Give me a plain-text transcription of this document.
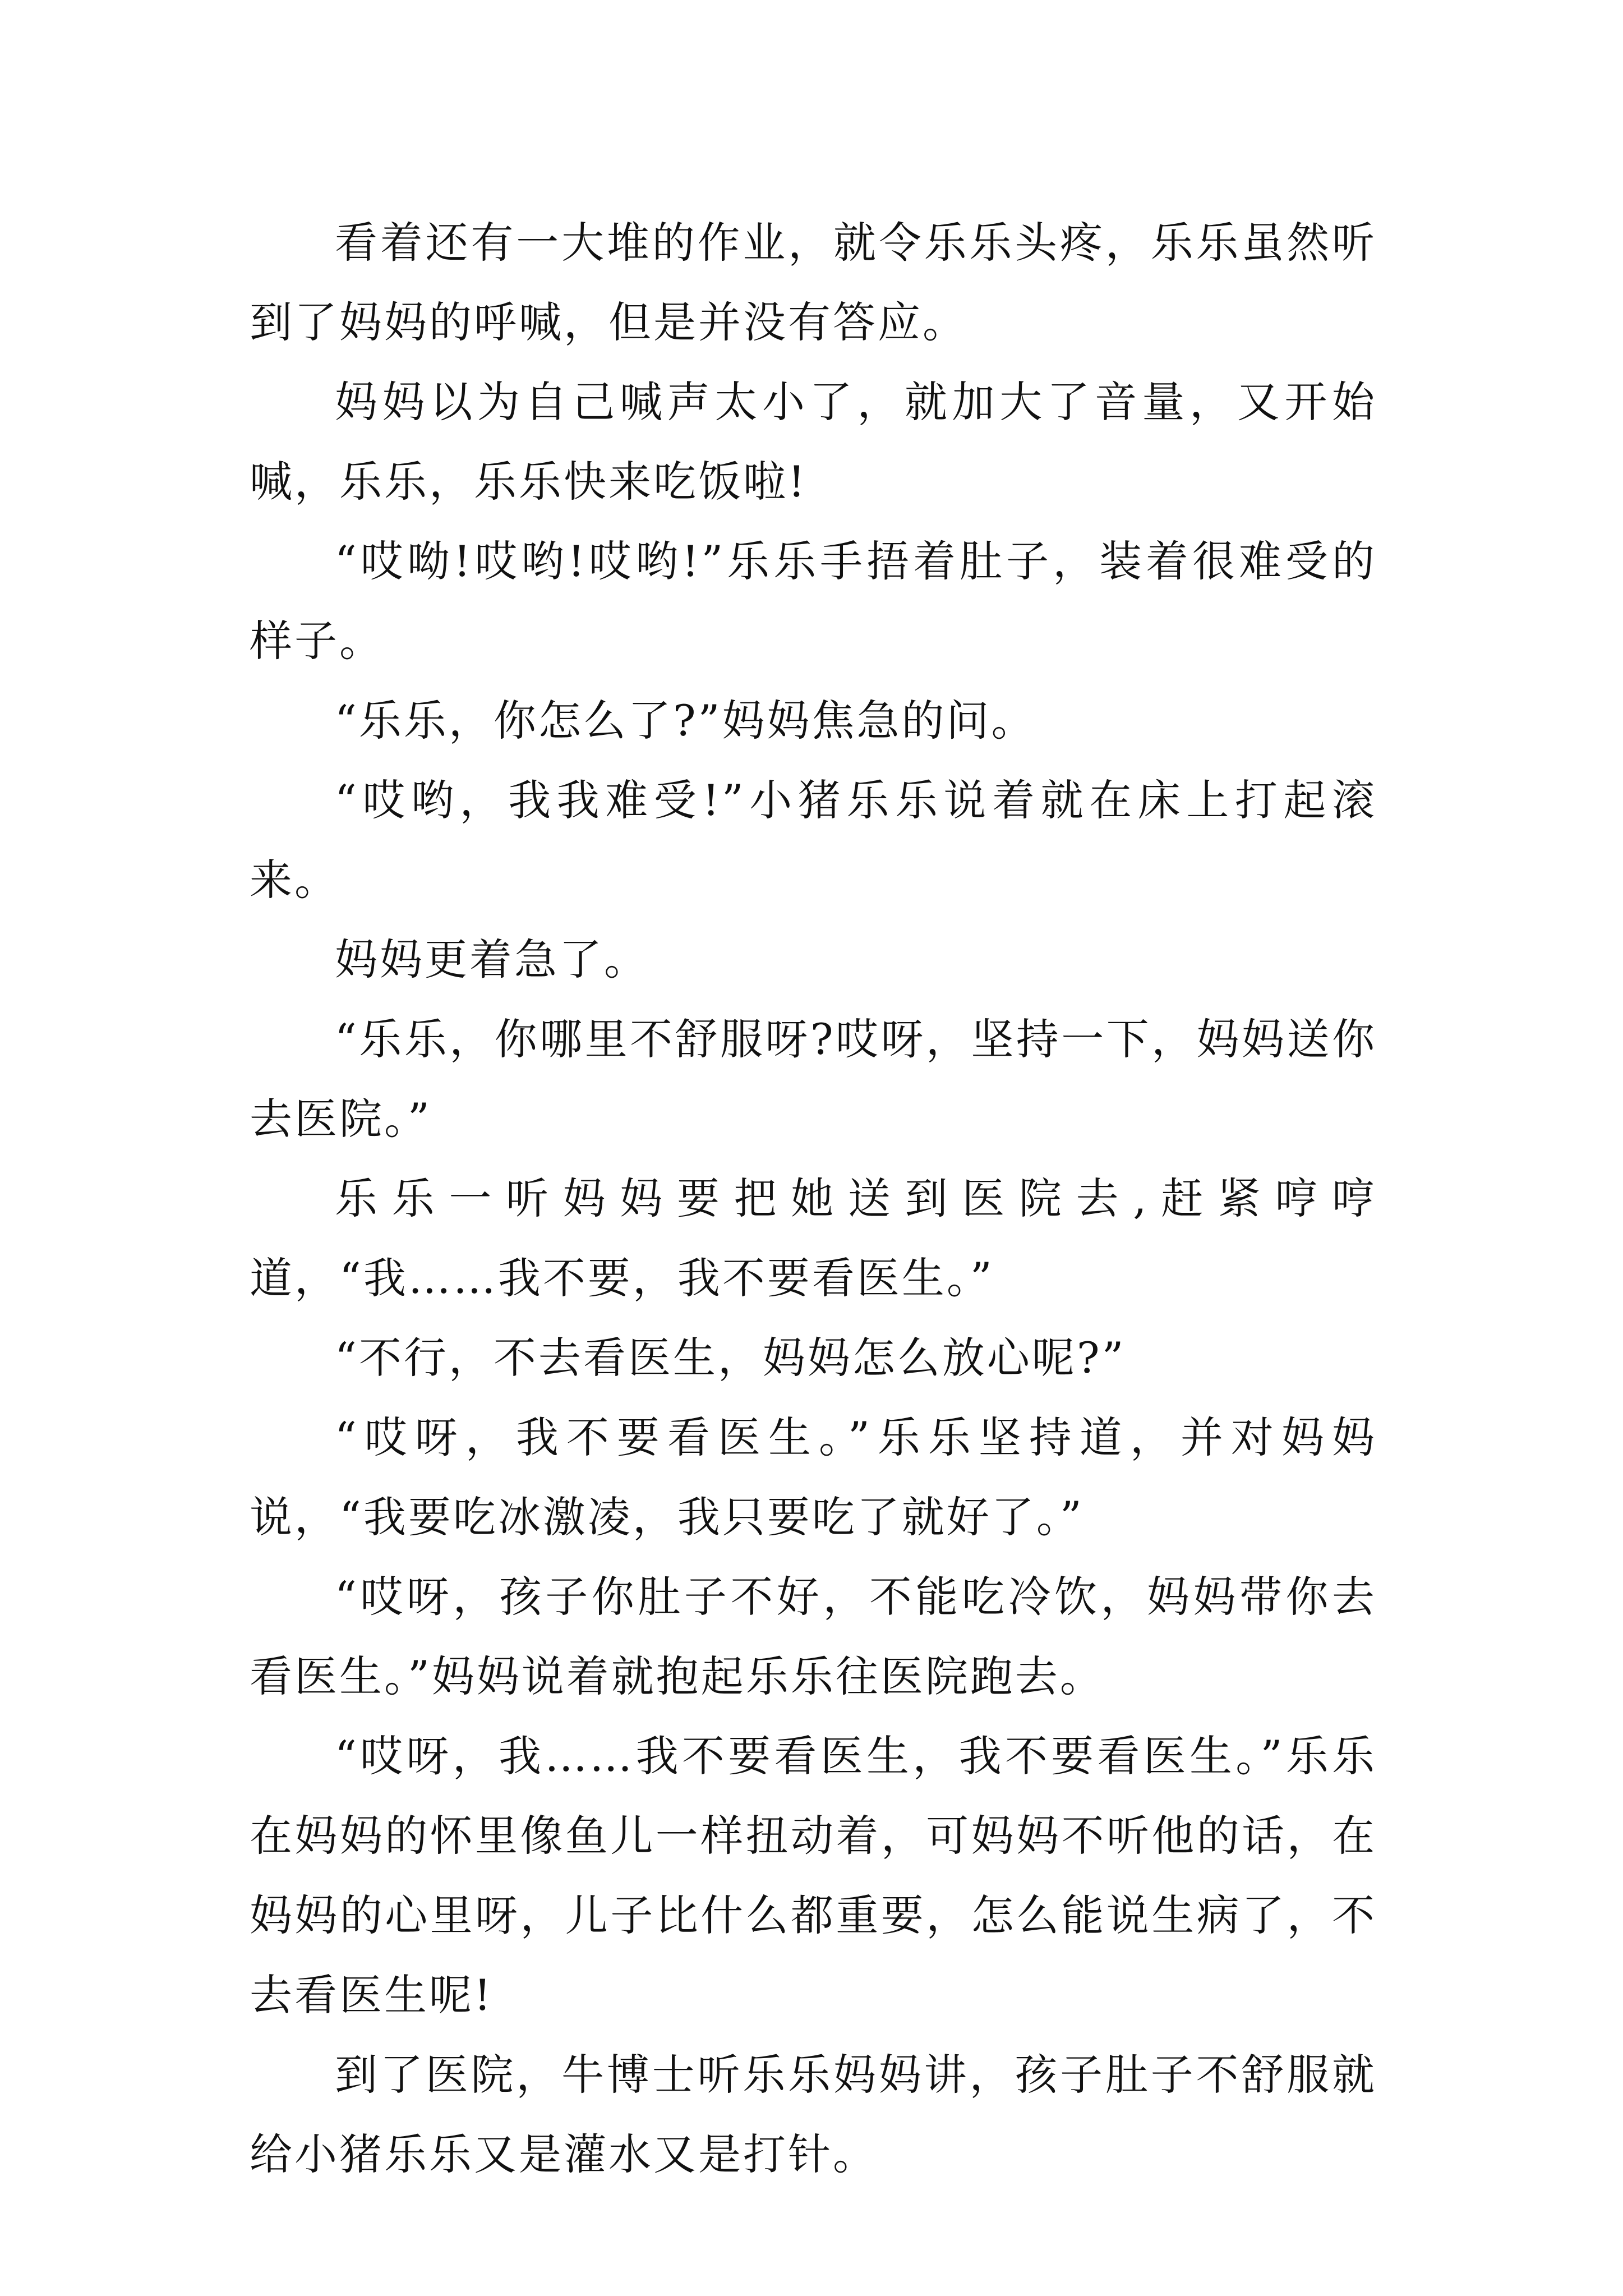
看着还有一大堆的作业，就令乐乐头疼，乐乐虽然听到了妈妈的呼喊，但是并没有答应。

妈妈以为自己喊声太小了，就加大了音量，又开始喊，乐乐，乐乐快来吃饭啦!

“哎呦!哎哟!哎哟!”乐乐手捂着肚子，装着很难受的样子。

“乐乐，你怎么了?”妈妈焦急的问。

“哎哟，我我难受!”小猪乐乐说着就在床上打起滚来。

妈妈更着急了。

“乐乐，你哪里不舒服呀?哎呀，坚持一下，妈妈送你去医院。”

乐乐一听妈妈要把她送到医院去,赶紧哼哼道，“我……我不要，我不要看医生。”

“不行，不去看医生，妈妈怎么放心呢?”

“哎呀，我不要看医生。”乐乐坚持道，并对妈妈说，“我要吃冰激凌，我只要吃了就好了。”

“哎呀，孩子你肚子不好，不能吃冷饮，妈妈带你去看医生。”妈妈说着就抱起乐乐往医院跑去。

“哎呀，我……我不要看医生，我不要看医生。”乐乐在妈妈的怀里像鱼儿一样扭动着，可妈妈不听他的话，在妈妈的心里呀，儿子比什么都重要，怎么能说生病了，不去看医生呢!

到了医院，牛博士听乐乐妈妈讲，孩子肚子不舒服就给小猪乐乐又是灌水又是打针。
